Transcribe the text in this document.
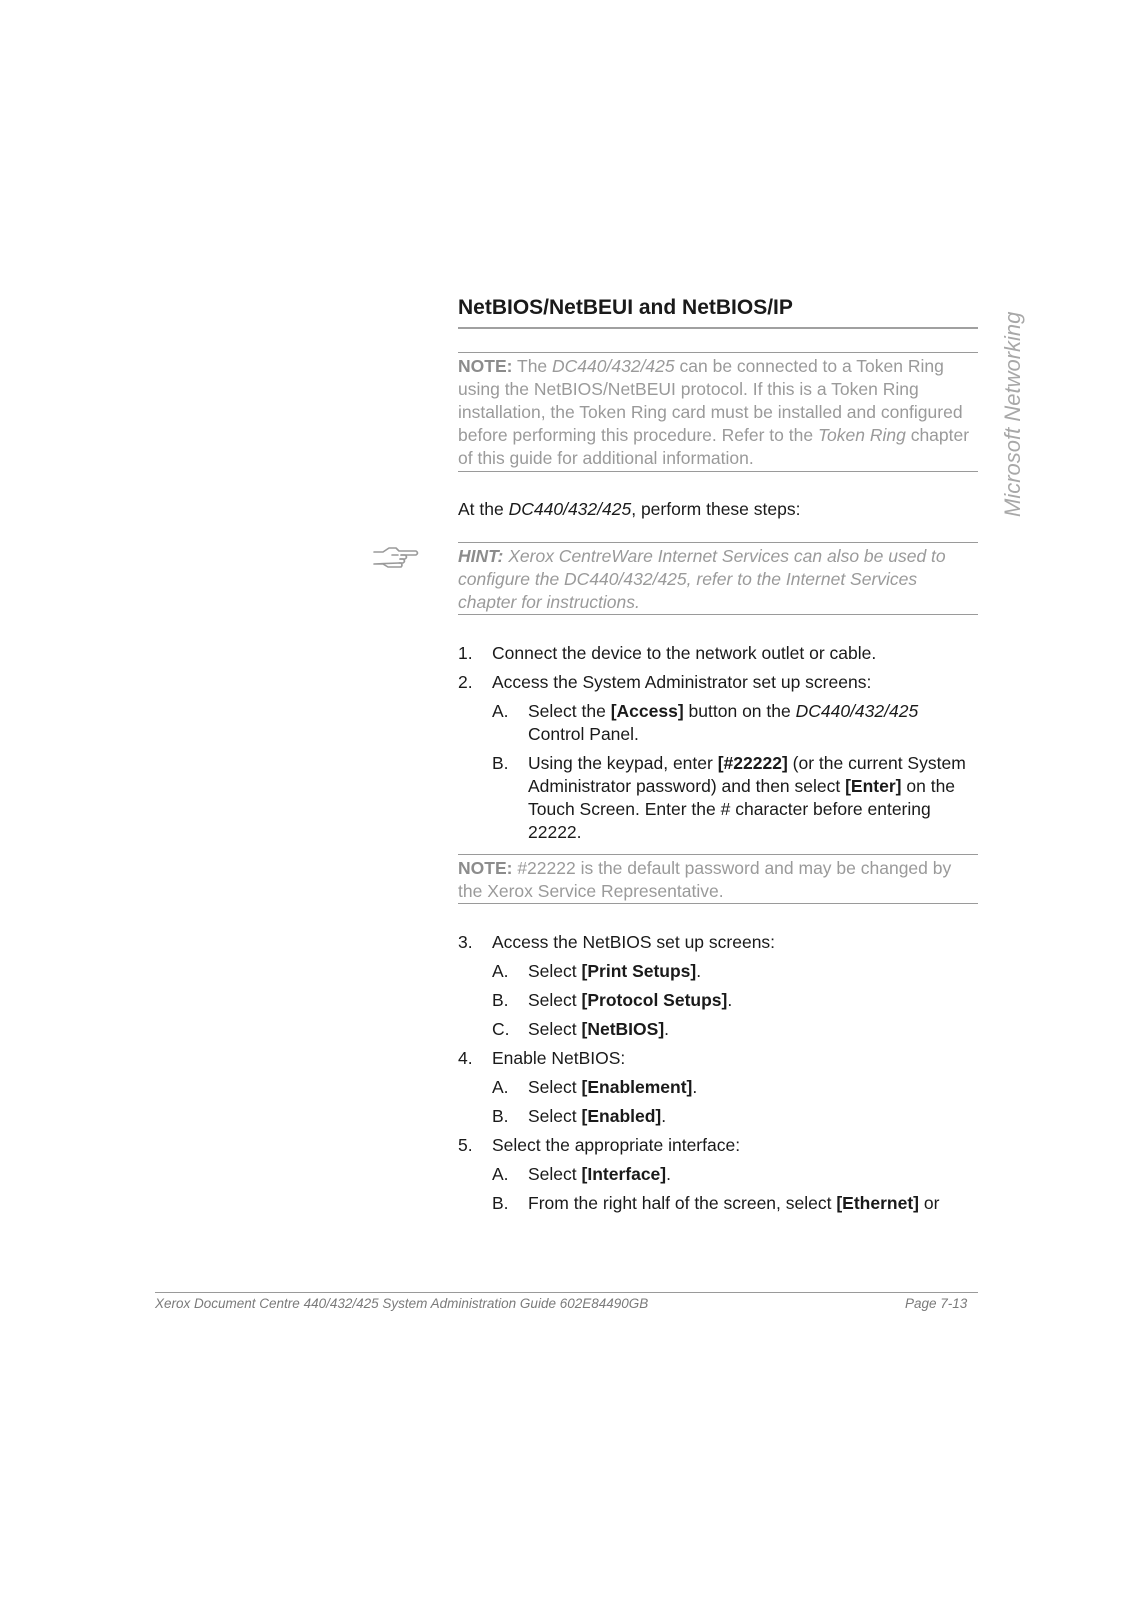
Microsoft Networking
NetBIOS/NetBEUI and NetBIOS/IP
NOTE: The DC440/432/425 can be connected to a Token Ring using the NetBIOS/NetBEUI protocol. If this is a Token Ring installation, the Token Ring card must be installed and configured before performing this procedure. Refer to the Token Ring chapter of this guide for additional information.
At the DC440/432/425, perform these steps:
HINT: Xerox CentreWare Internet Services can also be used to configure the DC440/432/425, refer to the Internet Services chapter for instructions.
1. Connect the device to the network outlet or cable.
2. Access the System Administrator set up screens:
A. Select the [Access] button on the DC440/432/425
Control Panel.
B. Using the keypad, enter [#22222] (or the current System Administrator password) and then select [Enter] on the Touch Screen. Enter the # character before entering 22222.
NOTE: #22222 is the default password and may be changed by the Xerox Service Representative.
3. Access the NetBIOS set up screens:
A. Select [Print Setups].
B. Select [Protocol Setups].
C. Select [NetBIOS].
4. Enable NetBIOS:
A. Select [Enablement].
B. Select [Enabled].
5. Select the appropriate interface:
A. Select [Interface].
B. From the right half of the screen, select [Ethernet] or
Xerox Document Centre 440/432/425 System Administration Guide 602E84490GB	Page 7-13
